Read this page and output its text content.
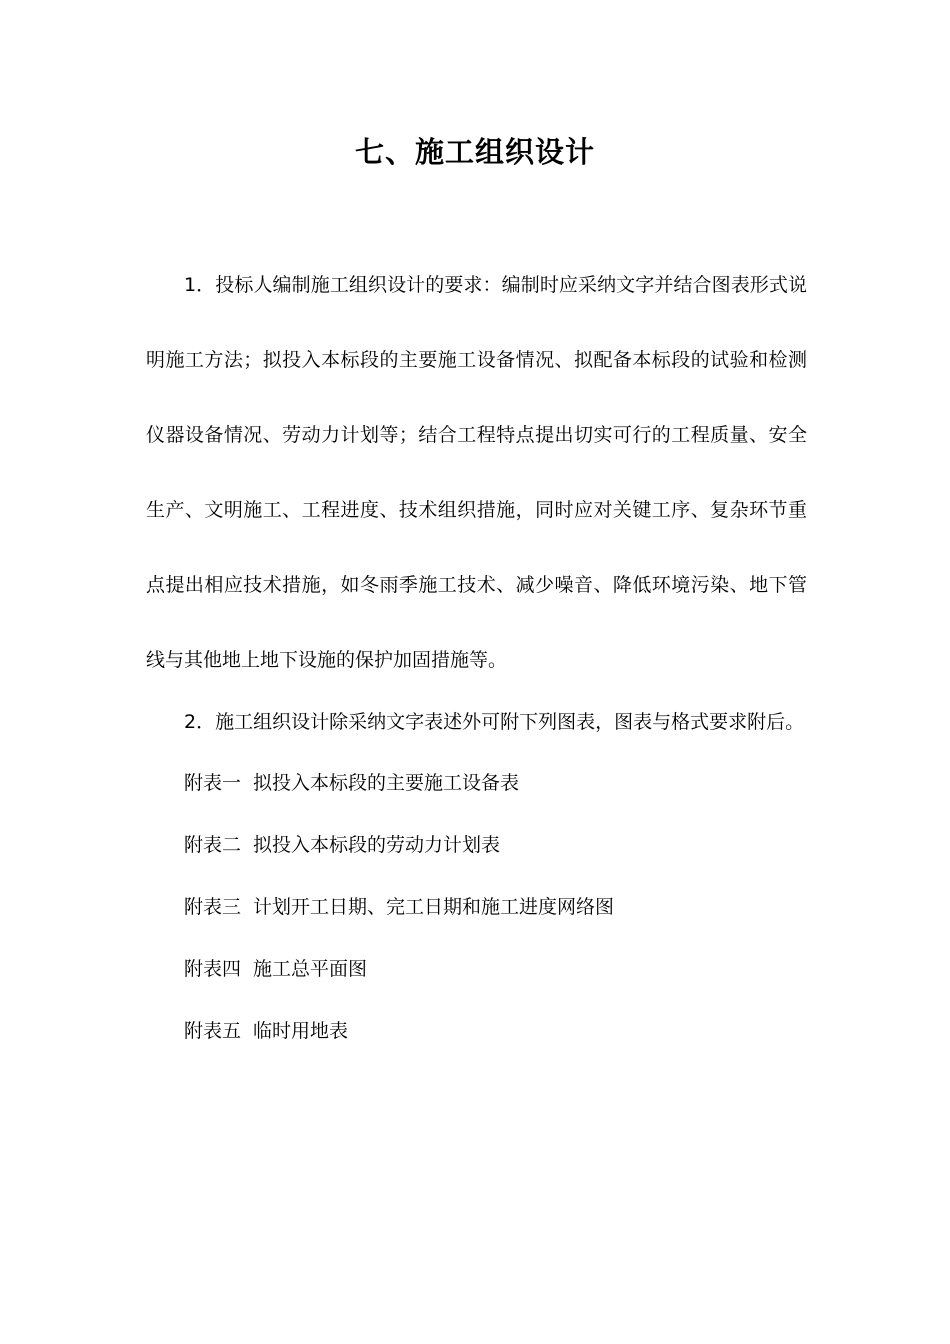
七、施工组织设计

1．投标人编制施工组织设计的要求：编制时应采纳文字并结合图表形式说明施工方法；拟投入本标段的主要施工设备情况、拟配备本标段的试验和检测仪器设备情况、劳动力计划等；结合工程特点提出切实可行的工程质量、安全生产、文明施工、工程进度、技术组织措施，同时应对关键工序、复杂环节重点提出相应技术措施，如冬雨季施工技术、减少噪音、降低环境污染、地下管线与其他地上地下设施的保护加固措施等。

2．施工组织设计除采纳文字表述外可附下列图表，图表与格式要求附后。

附表一 拟投入本标段的主要施工设备表

附表二 拟投入本标段的劳动力计划表

附表三 计划开工日期、完工日期和施工进度网络图

附表四 施工总平面图

附表五 临时用地表
